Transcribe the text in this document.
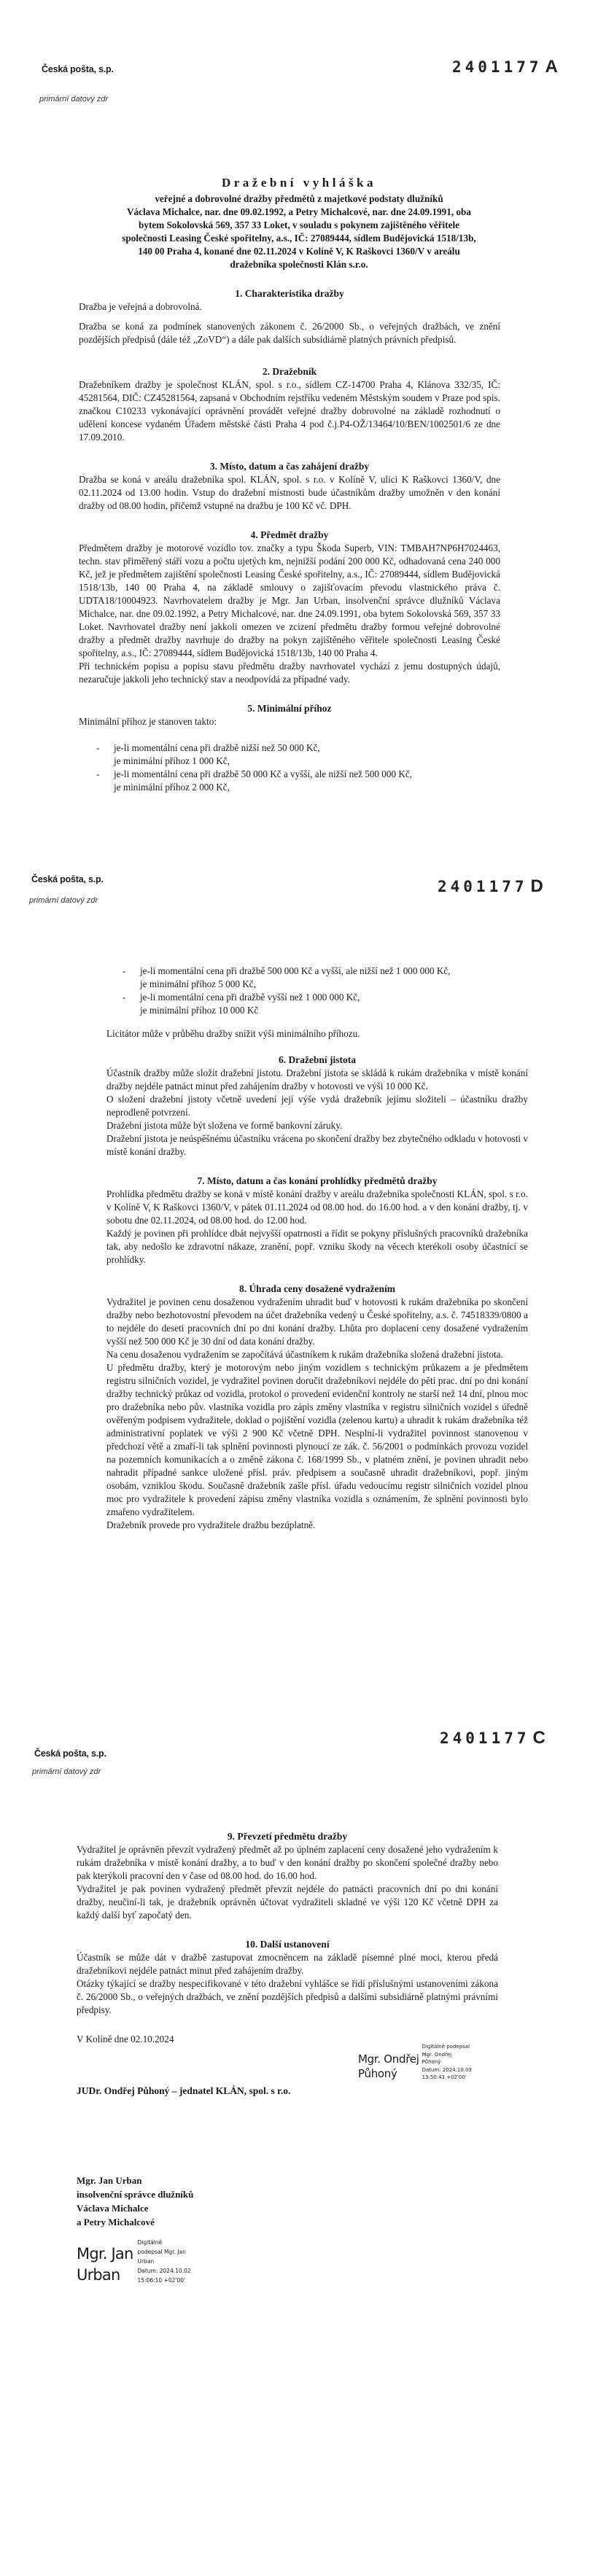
Česká pošta, s.p.
primární datový zdr
2401177 A
Dražební vyhláška
veřejné a dobrovolné dražby předmětů z majetkové podstaty dlužníků
Václava Michalce, nar. dne 09.02.1992, a Petry Michalcové, nar. dne 24.09.1991, oba
bytem Sokolovská 569, 357 33 Loket, v souladu s pokynem zajištěného věřitele
společnosti Leasing České spořitelny, a.s., IČ: 27089444, sídlem Budějovická 1518/13b,
140 00 Praha 4, konané dne 02.11.2024 v Kolíně V, K Raškovci 1360/V v areálu
dražebníka společnosti Klán s.r.o.
1. Charakteristika dražby

Dražba je veřejná a dobrovolná.

Dražba se koná za podmínek stanovených zákonem č. 26/2000 Sb., o veřejných dražbách, ve znění pozdějších předpisů (dále též „ZoVD“) a dále pak dalších subsidiárně platných právních předpisů.

2. Dražebník

Dražebníkem dražby je společnost KLÁN, spol. s r.o., sídlem CZ-14700 Praha 4, Klánova 332/35, IČ: 45281564, DIČ: CZ45281564, zapsaná v Obchodním rejstříku vedeném Městským soudem v Praze pod spis. značkou C10233 vykonávající oprávnění provádět veřejné dražby dobrovolné na základě rozhodnutí o udělení koncese vydaném Úřadem městské části Praha 4 pod č.j.P4-OŽ/13464/10/BEN/1002501/6 ze dne 17.09.2010.

3. Místo, datum a čas zahájení dražby

Dražba se koná v areálu dražebníka spol. KLÁN, spol. s r.o. v Kolíně V, ulici K Raškovci 1360/V, dne 02.11.2024 od 13.00 hodin. Vstup do dražební místnosti bude účastníkům dražby umožněn v den konání dražby od 08.00 hodin, přičemž vstupné na dražbu je 100 Kč vč. DPH.

4. Předmět dražby

Předmětem dražby je motorové vozidlo tov. značky a typu Škoda Superb, VIN: TMBAH7NP6H7024463, techn. stav přiměřený stáří vozu a počtu ujetých km, nejnižší podání 200 000 Kč, odhadovaná cena 240 000 Kč, jež je předmětem zajištění společnosti Leasing České spořitelny, a.s., IČ: 27089444, sídlem Budějovická 1518/13b, 140 00 Praha 4, na základě smlouvy o zajišťovacím převodu vlastnického práva č. UDTA18/10004923. Navrhovatelem dražby je Mgr. Jan Urban, insolvenční správce dlužníků Václava Michalce, nar. dne 09.02.1992, a Petry Michalcové, nar. dne 24.09.1991, oba bytem Sokolovská 569, 357 33 Loket. Navrhovatel dražby není jakkoli omezen ve zcizení předmětu dražby formou veřejné dobrovolné dražby a předmět dražby navrhuje do dražby na pokyn zajištěného věřitele společnosti Leasing České spořitelny, a.s., IČ: 27089444, sídlem Budějovická 1518/13b, 140 00 Praha 4.

Při technickém popisu a popisu stavu předmětu dražby navrhovatel vychází z jemu dostupných údajů, nezaručuje jakkoli jeho technický stav a neodpovídá za případné vady.

5. Minimální příhoz
Minimální příhoz je stanoven takto:
- je-li momentální cena při dražbě nižší než 50 000 Kč,
je minimální příhoz 1 000 Kč,
- je-li momentální cena při dražbě 50 000 Kč a vyšší, ale nižší než 500 000 Kč,
je minimální příhoz 2 000 Kč,
Česká pošta, s.p.
primární datový zdr
2401177 D
- je-li momentální cena při dražbě 500 000 Kč a vyšší, ale nižší než 1 000 000 Kč,
je minimální příhoz 5 000 Kč,
- je-li momentální cena při dražbě vyšší než 1 000 000 Kč,
je minimální příhoz 10 000 Kč
Licitátor může v průběhu dražby snížit výši minimálního příhozu.
6. Dražební jistota

Účastník dražby může složit dražební jistotu. Dražební jistota se skládá k rukám dražebníka v místě konání dražby nejdéle patnáct minut před zahájením dražby v hotovosti ve výši 10 000 Kč.

O složení dražební jistoty včetně uvedení její výše vydá dražebník jejímu složiteli – účastníku dražby neprodleně potvrzení.

Dražební jistota může být složena ve formě bankovní záruky.

Dražební jistota je neúspěšnému účastníku vrácena po skončení dražby bez zbytečného odkladu v hotovosti v místě konání dražby.

7. Místo, datum a čas konání prohlídky předmětů dražby

Prohlídka předmětu dražby se koná v místě konání dražby v areálu dražebníka společnosti KLÁN, spol. s r.o. v Kolíně V, K Raškovci 1360/V, v pátek 01.11.2024 od 08.00 hod. do 16.00 hod. a v den konání dražby, tj. v sobotu dne 02.11.2024, od 08.00 hod. do 12.00 hod.

Každý je povinen při prohlídce dbát nejvyšší opatrnosti a řídit se pokyny příslušných pracovníků dražebníka tak, aby nedošlo ke zdravotní nákaze, zranění, popř. vzniku škody na věcech kterékoli osoby účastnící se prohlídky.

8. Úhrada ceny dosažené vydražením

Vydražitel je povinen cenu dosaženou vydražením uhradit buď v hotovosti k rukám dražebníka po skončení dražby nebo bezhotovostní převodem na účet dražebníka vedený u České spořitelny, a.s. č. 74518339/0800 a to nejdéle do deseti pracovních dní po dni konání dražby. Lhůta pro doplacení ceny dosažené vydražením vyšší než 500 000 Kč je 30 dní od data konání dražby.

Na cenu dosaženou vydražením se započítává účastníkem k rukám dražebníka složená dražební jistota.

U předmětu dražby, který je motorovým nebo jiným vozidlem s technickým průkazem a je předmětem registru silničních vozidel, je vydražitel povinen doručit dražebníkovi nejdéle do pěti prac. dní po dni konání dražby technický průkaz od vozidla, protokol o provedení evidenční kontroly ne starší než 14 dní, plnou moc pro dražebníka nebo pův. vlastníka vozidla pro zápis změny vlastníka v registru silničních vozidel s úředně ověřeným podpisem vydražitele, doklad o pojištění vozidla (zelenou kartu) a uhradit k rukám dražebníka též administrativní poplatek ve výši 2 900 Kč včetně DPH. Nesplní-li vydražitel povinnost stanovenou v předchozí větě a zmaří-li tak splnění povinnosti plynoucí ze zák. č. 56/2001 o podmínkách provozu vozidel na pozemních komunikacích a o změně zákona č. 168/1999 Sb., v platném znění, je povinen uhradit nebo nahradit případné sankce uložené přísl. práv. předpisem a současně uhradit dražebníkovi, popř. jiným osobám, vzniklou škodu. Současně dražebník zašle přísl. úřadu vedoucímu registr silničních vozidel plnou moc pro vydražitele k provedení zápisu změny vlastníka vozidla s oznámením, že splnění povinnosti bylo zmařeno vydražitelem.

Dražebník provede pro vydražitele dražbu bezúplatně.

2401177 C
Česká pošta, s.p.
primární datový zdr
9. Převzetí předmětu dražby

Vydražitel je oprávněn převzít vydražený předmět až po úplném zaplacení ceny dosažené jeho vydražením k rukám dražebníka v místě konání dražby, a to buď v den konání dražby po skončení společné dražby nebo pak kterýkoli pracovní den v čase od 08.00 hod. do 16.00 hod.

Vydražitel je pak povinen vydražený předmět převzít nejdéle do patnácti pracovních dní po dni konání dražby, neučiní-li tak, je dražebník oprávněn účtovat vydražiteli skladné ve výši 120 Kč včetně DPH za každý další byť započatý den.

10. Další ustanovení

Účastník se může dát v dražbě zastupovat zmocněncem na základě písemné plné moci, kterou předá dražebníkovi nejdéle patnáct minut před zahájením dražby.

Otázky týkající se dražby nespecifikované v této dražební vyhlášce se řídí příslušnými ustanoveními zákona č. 26/2000 Sb., o veřejných dražbách, ve znění pozdějších předpisů a dalšími subsidiárně platnými právními předpisy.

V Kolíně dne 02.10.2024
Mgr. Ondřej
Půhoný
Digitálně podepsal
Mgr. Ondřej
Půhoný
Datum: 2024.10.03
13:50:43 +02'00'
JUDr. Ondřej Půhoný – jednatel KLÁN, spol. s r.o.
Mgr. Jan Urban
insolvenční správce dlužníků
Václava Michalce
a Petry Michalcové
Mgr. Jan
Urban
Digitálně
podepsal Mgr. Jan
Urban
Datum: 2024.10.02
15:06:10 +02'00'
